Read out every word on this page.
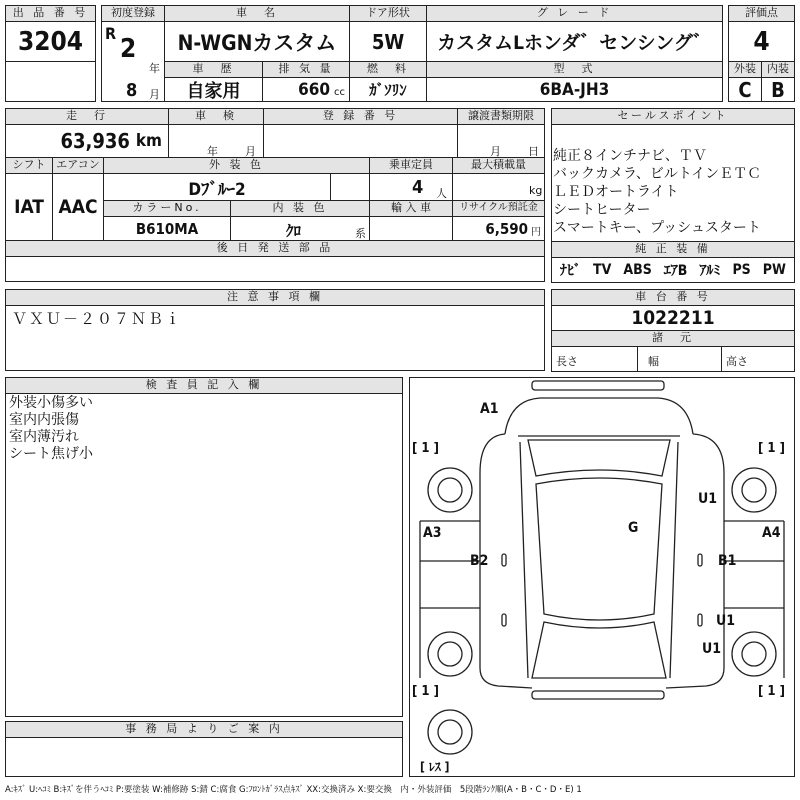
出 品 番 号
3204
初度登録
R
2
年
8 月
車　名
N-WGNカスタム
ドア形状
5W
グ レ ー ド
カスタムLホンダ゛センシング゛
評価点
4
外装	内装
C B
車　歴
自家用
排 気 量
660 cc
燃　料
ｶﾞｿﾘﾝ
型　式
6BA-JH3
走　行
63,936 km
車　検
年 月
登 録 番 号	譲渡書類期限
月 日
シフト エアコン
IAT AAC
外 装 色
Dﾌﾞﾙｰ2
カラーNo.
B610MA
内 装 色
ｸﾛ	系
乗車定員
4 人
最大積載量
kg
輸 入 車	リサイクル預託金
6,590 円
後 日 発 送 部 品
セールスポイント
純正８インチナビ、ＴＶ
バックカメラ、ビルトインＥＴＣ
ＬＥＤオートライト
シートヒーター
スマートキー、プッシュスタート
純 正 装 備
ﾅﾋﾞ TV ABS ｴｱB ｱﾙﾐ PS PW
注 意 事 項 欄
ＶＸＵ－２０７ＮＢｉ
車 台 番 号
1022211
諸　元
長さ	幅	高さ
検 査 員 記 入 欄
外装小傷多い
室内内張傷
室内薄汚れ
シート焦げ小
事 務 局 よ り ご 案 内
A1
U1
G
A3	A4
B2	B1
U1
U1
[ 1 ]	[ 1 ]
[ 1 ]	[ 1 ]
[ ﾚｽ ]
A:ｷｽﾞ U:ﾍｺﾐ B:ｷｽﾞを伴うﾍｺﾐ P:要塗装 W:補修跡 S:錆 C:腐食 G:ﾌﾛﾝﾄｶﾞﾗｽ点ｷｽﾞ XX:交換済み X:要交換　内・外装評価　5段階ﾗﾝｸ順(A・B・C・D・E) 1
